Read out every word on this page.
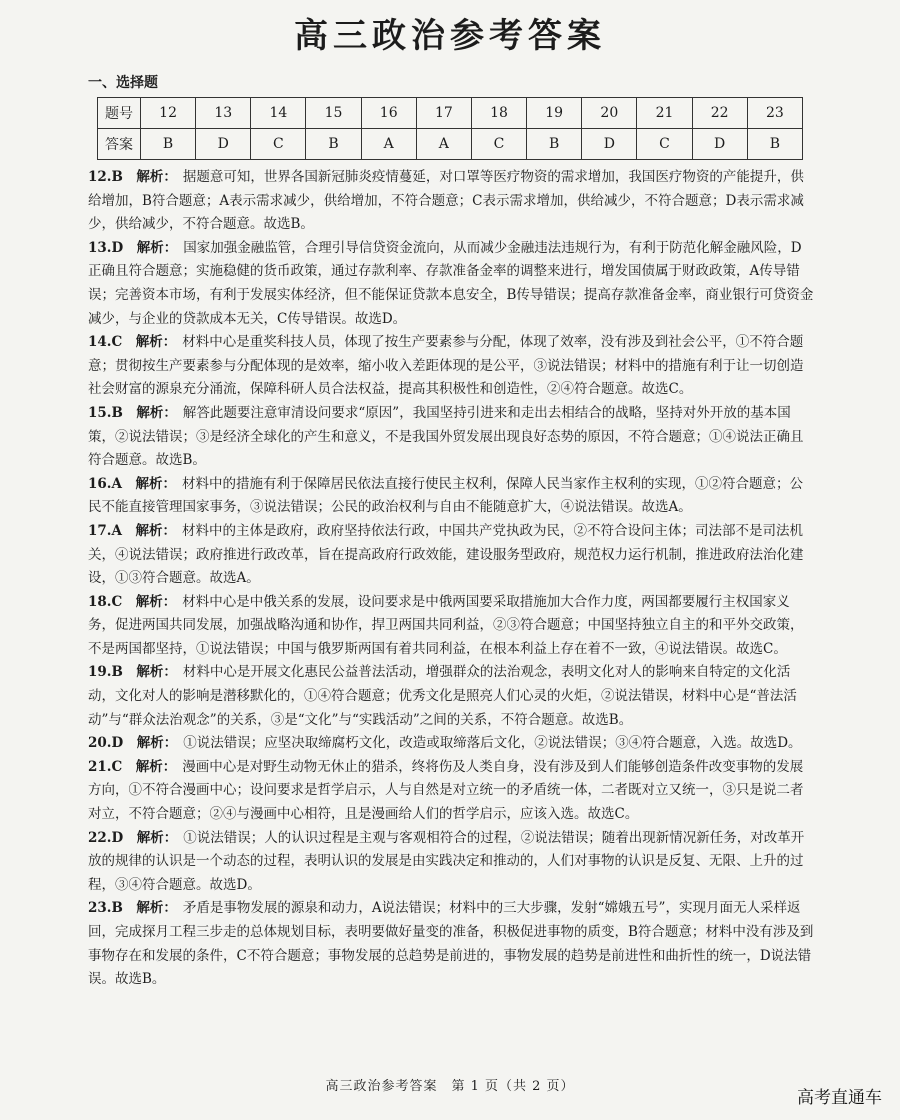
高三政治参考答案
一、选择题
题号	12	13	14	15	16	17	18	19	20	21	22	23
答案	B	D	C	B	A	A	C	B	D	C	D	B

12.B　 解析： 据题意可知，世界各国新冠肺炎疫情蔓延，对口罩等医疗物资的需求增加，我国医疗物资的产能提升，供给增加，B符合题意；A表示需求减少，供给增加，不符合题意；C表示需求增加，供给减少，不符合题意；D表示需求减少，供给减少，不符合题意。故选B。

13.D　 解析： 国家加强金融监管，合理引导信贷资金流向，从而减少金融违法违规行为，有利于防范化解金融风险，D正确且符合题意；实施稳健的货币政策，通过存款利率、存款准备金率的调整来进行，增发国债属于财政政策，A传导错误；完善资本市场，有利于发展实体经济，但不能保证贷款本息安全，B传导错误；提高存款准备金率，商业银行可贷资金减少，与企业的贷款成本无关，C传导错误。故选D。

14.C　 解析： 材料中心是重奖科技人员，体现了按生产要素参与分配，体现了效率，没有涉及到社会公平，①不符合题意；贯彻按生产要素参与分配体现的是效率，缩小收入差距体现的是公平，③说法错误；材料中的措施有利于让一切创造社会财富的源泉充分涌流，保障科研人员合法权益，提高其积极性和创造性，②④符合题意。故选C。

15.B　 解析： 解答此题要注意审清设问要求“原因”，我国坚持引进来和走出去相结合的战略，坚持对外开放的基本国策，②说法错误；③是经济全球化的产生和意义，不是我国外贸发展出现良好态势的原因，不符合题意；①④说法正确且符合题意。故选B。

16.A　 解析： 材料中的措施有利于保障居民依法直接行使民主权利，保障人民当家作主权利的实现，①②符合题意；公民不能直接管理国家事务，③说法错误；公民的政治权利与自由不能随意扩大，④说法错误。故选A。

17.A　 解析： 材料中的主体是政府，政府坚持依法行政，中国共产党执政为民，②不符合设问主体；司法部不是司法机关，④说法错误；政府推进行政改革，旨在提高政府行政效能，建设服务型政府，规范权力运行机制，推进政府法治化建设，①③符合题意。故选A。

18.C　 解析： 材料中心是中俄关系的发展，设问要求是中俄两国要采取措施加大合作力度，两国都要履行主权国家义务，促进两国共同发展，加强战略沟通和协作，捍卫两国共同利益，②③符合题意；中国坚持独立自主的和平外交政策，不是两国都坚持，①说法错误；中国与俄罗斯两国有着共同利益，在根本利益上存在着不一致，④说法错误。故选C。

19.B　 解析： 材料中心是开展文化惠民公益普法活动，增强群众的法治观念，表明文化对人的影响来自特定的文化活动，文化对人的影响是潜移默化的，①④符合题意；优秀文化是照亮人们心灵的火炬，②说法错误，材料中心是“普法活动”与“群众法治观念”的关系，③是“文化”与“实践活动”之间的关系，不符合题意。故选B。

20.D　 解析： ①说法错误；应坚决取缔腐朽文化，改造或取缔落后文化，②说法错误；③④符合题意，入选。故选D。

21.C　 解析： 漫画中心是对野生动物无休止的猎杀，终将伤及人类自身，没有涉及到人们能够创造条件改变事物的发展方向，①不符合漫画中心；设问要求是哲学启示，人与自然是对立统一的矛盾统一体，二者既对立又统一，③只是说二者对立，不符合题意；②④与漫画中心相符，且是漫画给人们的哲学启示，应该入选。故选C。

22.D　 解析： ①说法错误；人的认识过程是主观与客观相符合的过程，②说法错误；随着出现新情况新任务，对改革开放的规律的认识是一个动态的过程，表明认识的发展是由实践决定和推动的，人们对事物的认识是反复、无限、上升的过程，③④符合题意。故选D。

23.B　 解析： 矛盾是事物发展的源泉和动力，A说法错误；材料中的三大步骤，发射“嫦娥五号”，实现月面无人采样返回，完成探月工程三步走的总体规划目标，表明要做好量变的准备，积极促进事物的质变，B符合题意；材料中没有涉及到事物存在和发展的条件，C不符合题意；事物发展的总趋势是前进的，事物发展的趋势是前进性和曲折性的统一，D说法错误。故选B。

高三政治参考答案　第 1 页（共 2 页）
高考直通车
